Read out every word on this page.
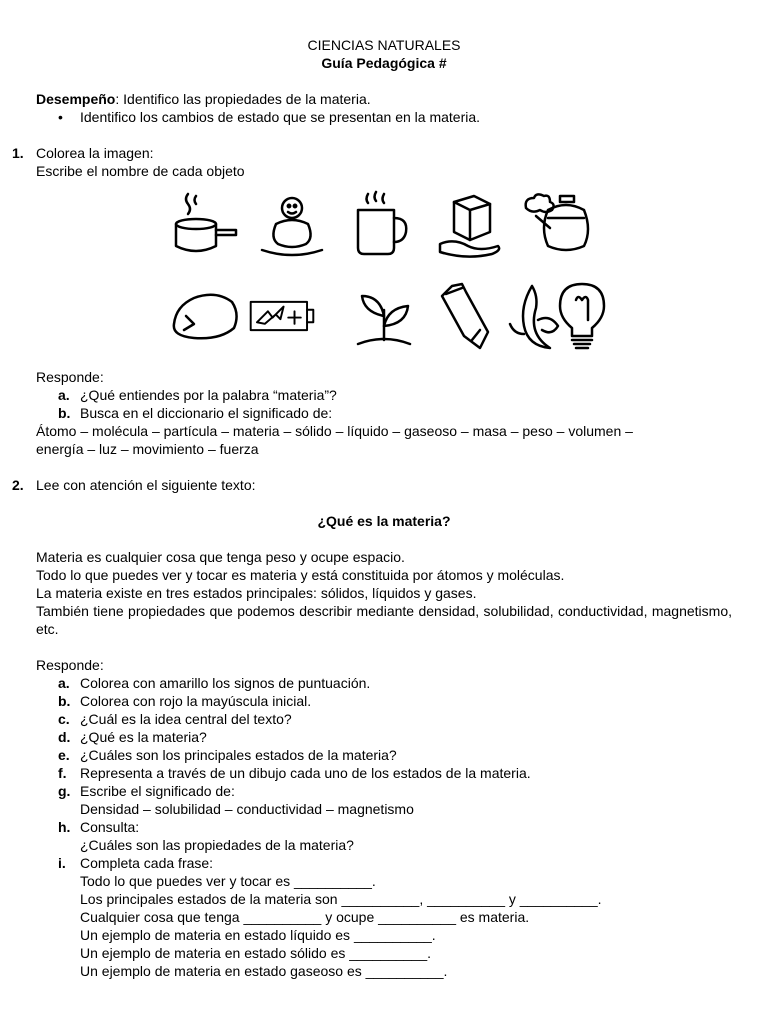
CIENCIAS NATURALES
Guía Pedagógica #
Desempeño: Identifico las propiedades de la materia.
• Identifico los cambios de estado que se presentan en la materia.
1. Colorea la imagen:
Escribe el nombre de cada objeto
Responde:
a. ¿Qué entiendes por la palabra “materia”?
b. Busca en el diccionario el significado de:
Átomo – molécula – partícula – materia – sólido – líquido – gaseoso – masa – peso – volumen –
energía – luz – movimiento – fuerza
2. Lee con atención el siguiente texto:
¿Qué es la materia?
Materia es cualquier cosa que tenga peso y ocupe espacio.
Todo lo que puedes ver y tocar es materia y está constituida por átomos y moléculas.
La materia existe en tres estados principales: sólidos, líquidos y gases.
También tiene propiedades que podemos describir mediante densidad, solubilidad, conductividad, magnetismo, etc.
Responde:
a. Colorea con amarillo los signos de puntuación.
b. Colorea con rojo la mayúscula inicial.
c. ¿Cuál es la idea central del texto?
d. ¿Qué es la materia?
e. ¿Cuáles son los principales estados de la materia?
f. Representa a través de un dibujo cada uno de los estados de la materia.
g. Escribe el significado de:
Densidad – solubilidad – conductividad – magnetismo
h. Consulta:
¿Cuáles son las propiedades de la materia?
i. Completa cada frase:
Todo lo que puedes ver y tocar es __________.
Los principales estados de la materia son __________, __________ y __________.
Cualquier cosa que tenga __________ y ocupe __________ es materia.
Un ejemplo de materia en estado líquido es __________.
Un ejemplo de materia en estado sólido es __________.
Un ejemplo de materia en estado gaseoso es __________.
